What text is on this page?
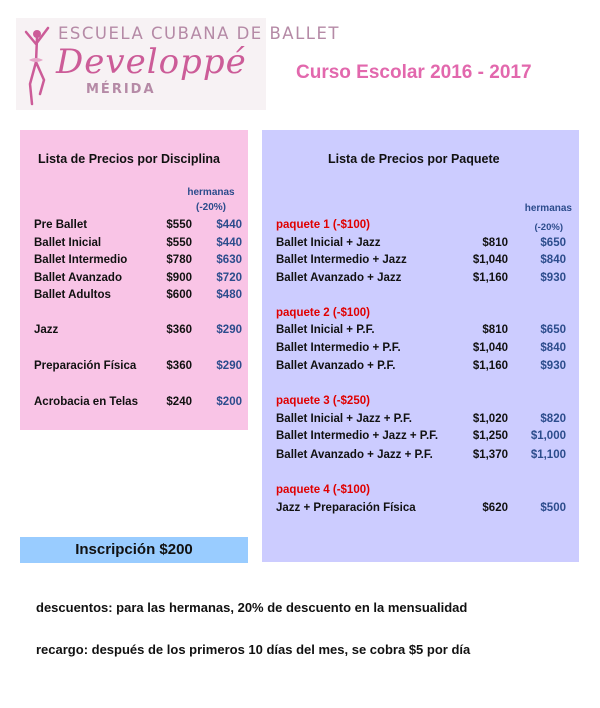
ESCUELA CUBANA DE BALLET
Developpé
MÉRIDA
Curso Escolar 2016 - 2017
Lista de Precios por Disciplina
hermanas
(-20%)
Pre Ballet	$550 $440
Ballet Inicial	$550 $440
Ballet Intermedio	$780 $630
Ballet Avanzado	$900 $720
Ballet Adultos	$600 $480
Jazz	$360 $290
Preparación Física	$360 $290
Acrobacia en Telas $240 $200
Lista de Precios por Paquete
hermanas
(-20%)
paquete 1 (-$100)
Ballet Inicial + Jazz	$810	$650
Ballet Intermedio + Jazz	$1,040	$840
Ballet Avanzado + Jazz	$1,160	$930
paquete 2 (-$100)
Ballet Inicial + P.F.	$810	$650
Ballet Intermedio + P.F.	$1,040	$840
Ballet Avanzado + P.F.	$1,160	$930
paquete 3 (-$250)
Ballet Inicial + Jazz + P.F.	$1,020	$820
Ballet Intermedio + Jazz + P.F.	$1,250 $1,000
Ballet Avanzado + Jazz + P.F.	$1,370 $1,100
paquete 4 (-$100)
Jazz + Preparación Física	$620	$500
Inscripción $200
descuentos: para las hermanas, 20% de descuento en la mensualidad
recargo: después de los primeros 10 días del mes, se cobra $5 por día
